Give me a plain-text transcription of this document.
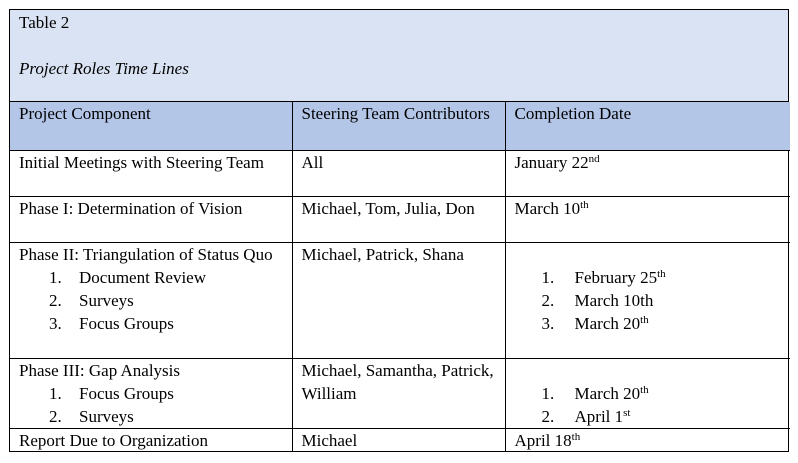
Table 2
Project Roles Time Lines
Project Component	Steering Team Contributors	Completion Date
Initial Meetings with Steering Team	All	January 22nd
Phase I: Determination of Vision	Michael, Tom, Julia, Don	March 10th

Phase II: Triangulation of Status Quo
1. Document Review
2. Surveys
3. Focus Groups	Michael, Patrick, Shana	1. February 25th
2. March 10th
3. March 20th

Phase III: Gap Analysis
1. Focus Groups
2. Surveys	Michael, Samantha, Patrick, William	1. March 20th
2. April 1st

Report Due to Organization	Michael	April 18th
